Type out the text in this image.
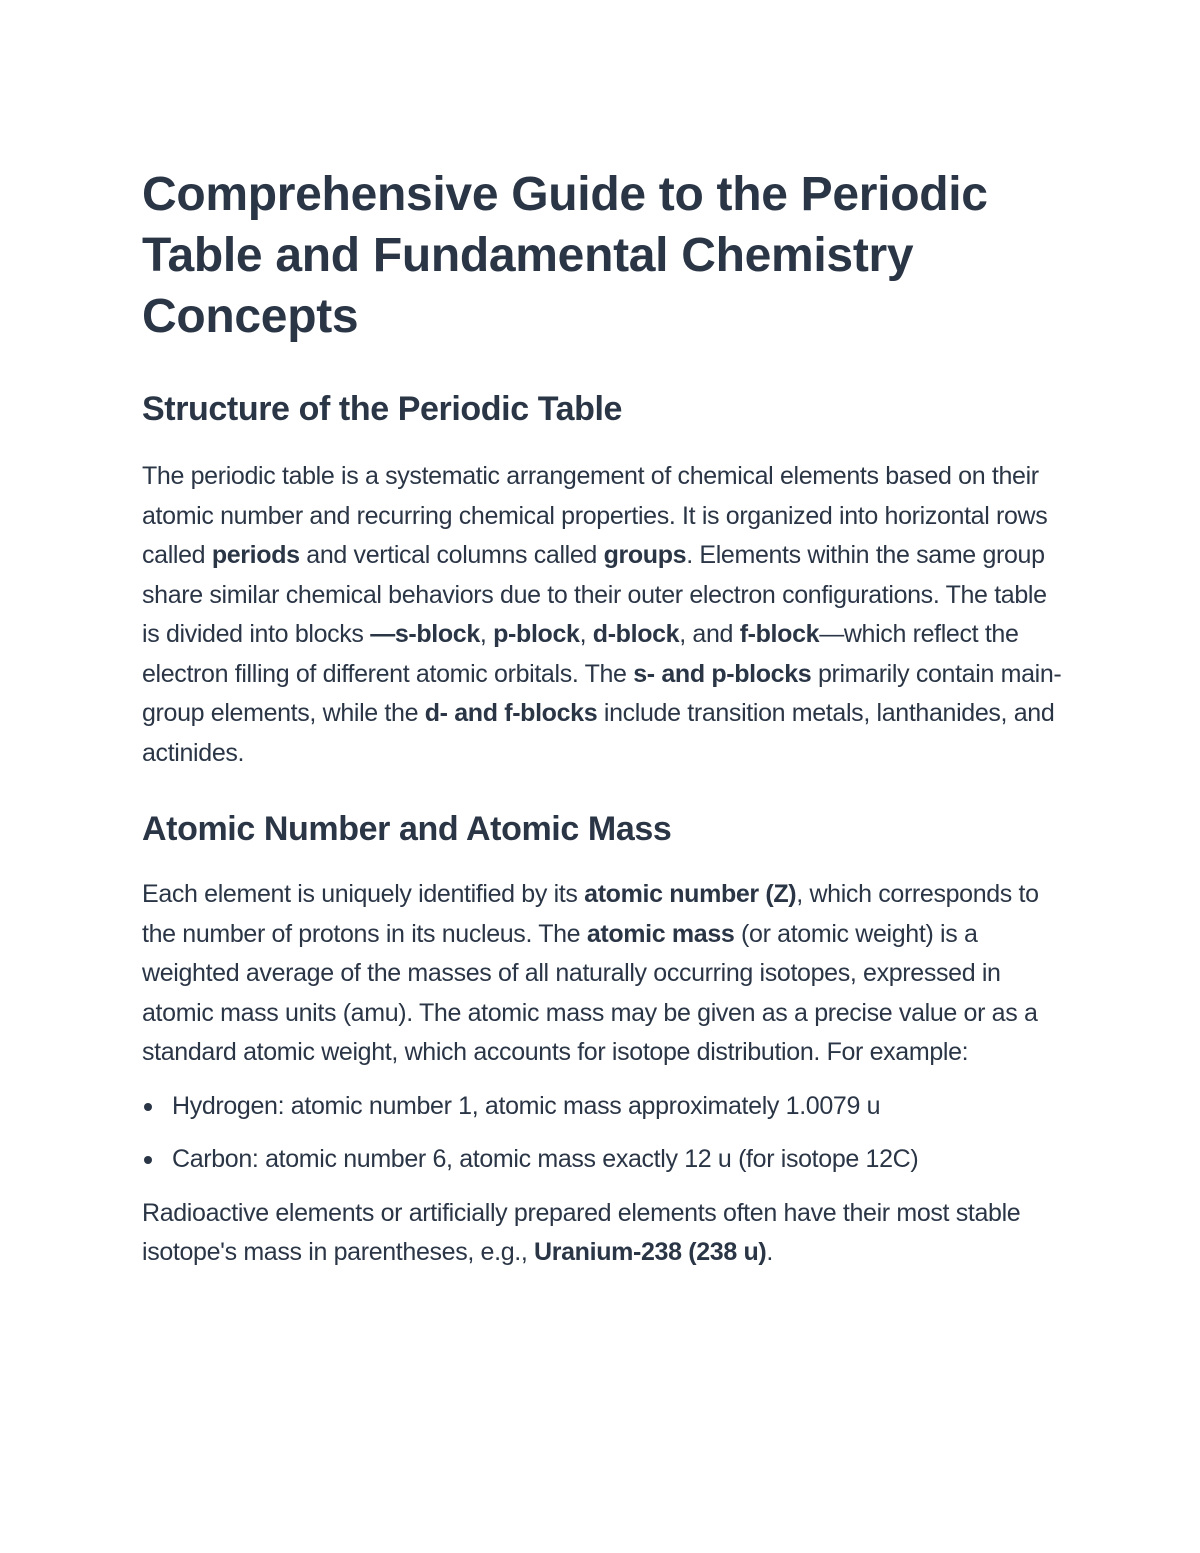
Comprehensive Guide to the Periodic Table and Fundamental Chemistry Concepts
Structure of the Periodic Table

The periodic table is a systematic arrangement of chemical elements based on their atomic number and recurring chemical properties. It is organized into horizontal rows called periods and vertical columns called groups. Elements within the same group share similar chemical behaviors due to their outer electron configurations. The table is divided into blocks —s-block, p-block, d-block, and f-block—which reflect the electron filling of different atomic orbitals. The s- and p-blocks primarily contain main-group elements, while the d- and f-blocks include transition metals, lanthanides, and actinides.

Atomic Number and Atomic Mass

Each element is uniquely identified by its atomic number (Z), which corresponds to the number of protons in its nucleus. The atomic mass (or atomic weight) is a weighted average of the masses of all naturally occurring isotopes, expressed in atomic mass units (amu). The atomic mass may be given as a precise value or as a standard atomic weight, which accounts for isotope distribution. For example:

Hydrogen: atomic number 1, atomic mass approximately 1.0079 u
Carbon: atomic number 6, atomic mass exactly 12 u (for isotope 12C)

Radioactive elements or artificially prepared elements often have their most stable isotope's mass in parentheses, e.g., Uranium-238 (238 u).
